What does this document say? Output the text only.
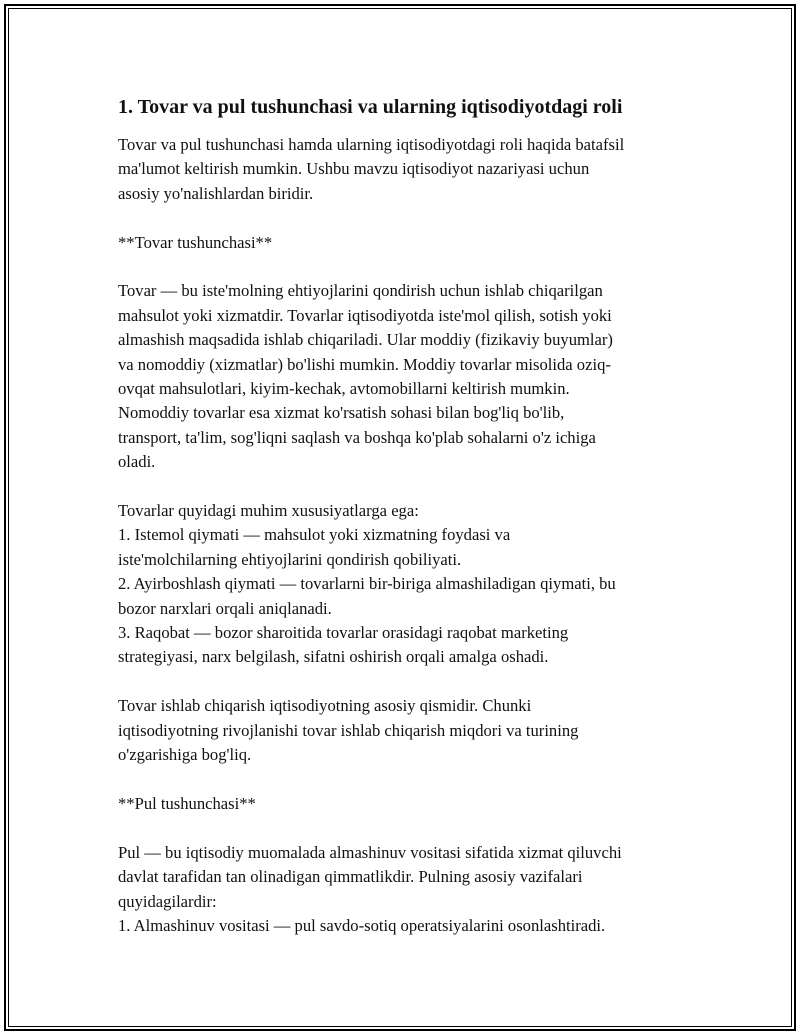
1. Tovar va pul tushunchasi va ularning iqtisodiyotdagi roli
Tovar va pul tushunchasi hamda ularning iqtisodiyotdagi roli haqida batafsil
ma'lumot keltirish mumkin. Ushbu mavzu iqtisodiyot nazariyasi uchun
asosiy yo'nalishlardan biridir.
**Tovar tushunchasi**
Tovar — bu iste'molning ehtiyojlarini qondirish uchun ishlab chiqarilgan
mahsulot yoki xizmatdir. Tovarlar iqtisodiyotda iste'mol qilish, sotish yoki
almashish maqsadida ishlab chiqariladi. Ular moddiy (fizikaviy buyumlar)
va nomoddiy (xizmatlar) bo'lishi mumkin. Moddiy tovarlar misolida oziq-
ovqat mahsulotlari, kiyim-kechak, avtomobillarni keltirish mumkin.
Nomoddiy tovarlar esa xizmat ko'rsatish sohasi bilan bog'liq bo'lib,
transport, ta'lim, sog'liqni saqlash va boshqa ko'plab sohalarni o'z ichiga
oladi.
Tovarlar quyidagi muhim xususiyatlarga ega:
1. Istemol qiymati — mahsulot yoki xizmatning foydasi va
iste'molchilarning ehtiyojlarini qondirish qobiliyati.
2. Ayirboshlash qiymati — tovarlarni bir-biriga almashiladigan qiymati, bu
bozor narxlari orqali aniqlanadi.
3. Raqobat — bozor sharoitida tovarlar orasidagi raqobat marketing
strategiyasi, narx belgilash, sifatni oshirish orqali amalga oshadi.
Tovar ishlab chiqarish iqtisodiyotning asosiy qismidir. Chunki
iqtisodiyotning rivojlanishi tovar ishlab chiqarish miqdori va turining
o'zgarishiga bog'liq.
**Pul tushunchasi**
Pul — bu iqtisodiy muomalada almashinuv vositasi sifatida xizmat qiluvchi
davlat tarafidan tan olinadigan qimmatlikdir. Pulning asosiy vazifalari
quyidagilardir:
1. Almashinuv vositasi — pul savdo-sotiq operatsiyalarini osonlashtiradi.
